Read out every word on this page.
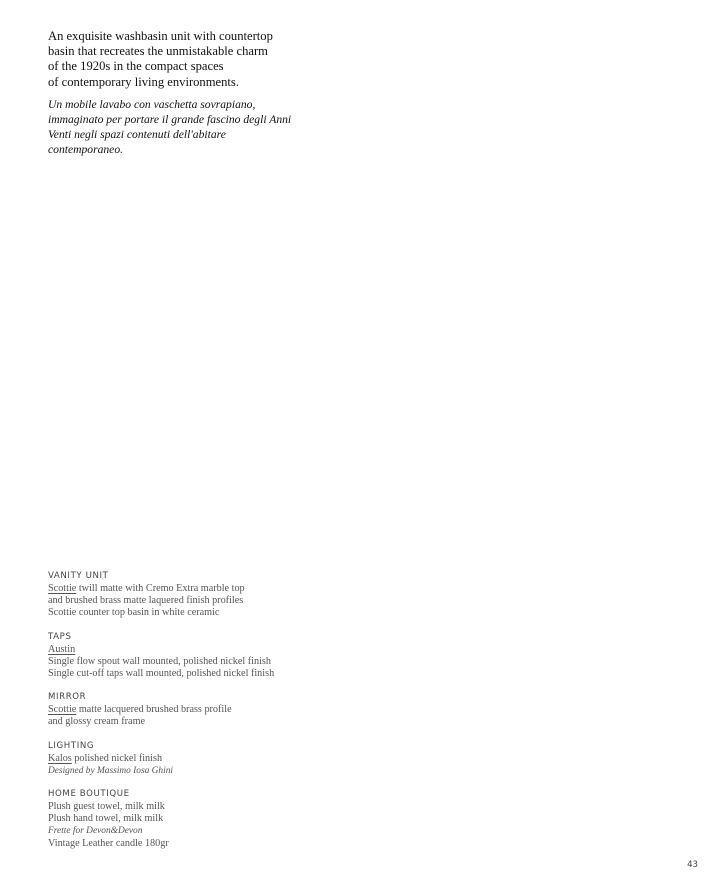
An exquisite washbasin unit with countertop
basin that recreates the unmistakable charm
of the 1920s in the compact spaces
of contemporary living environments.

Un mobile lavabo con vaschetta sovrapiano,
immaginato per portare il grande fascino degli Anni
Venti negli spazi contenuti dell'abitare contemporaneo.

VANITY UNIT
Scottie twill matte with Cremo Extra marble top
and brushed brass matte laquered finish profiles
Scottie counter top basin in white ceramic
TAPS
Austin
Single flow spout wall mounted, polished nickel finish
Single cut-off taps wall mounted, polished nickel finish
MIRROR
Scottie matte lacquered brushed brass profile
and glossy cream frame
LIGHTING
Kalos polished nickel finish
Designed by Massimo Iosa Ghini
HOME BOUTIQUE
Plush guest towel, milk milk
Plush hand towel, milk milk
Frette for Devon&Devon
Vintage Leather candle 180gr
43
